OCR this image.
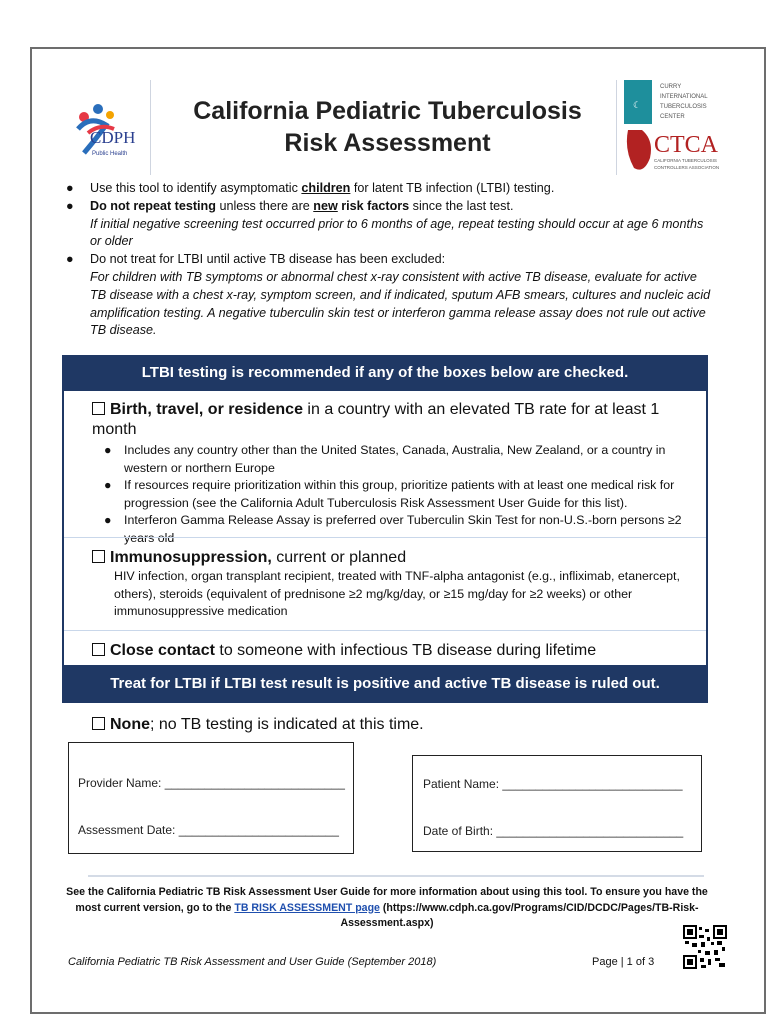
CDPH
Public Health
California Pediatric Tuberculosis
Risk Assessment
☾
CURRY
INTERNATIONAL
TUBERCULOSIS
CENTER
CTCA
CALIFORNIA TUBERCULOSIS
CONTROLLERS ASSOCIATION
● Use this tool to identify asymptomatic children for latent TB infection (LTBI) testing.
● Do not repeat testing unless there are new risk factors since the last test.
If initial negative screening test occurred prior to 6 months of age, repeat testing should occur at age 6 months or older
● Do not treat for LTBI until active TB disease has been excluded:
For children with TB symptoms or abnormal chest x-ray consistent with active TB disease, evaluate for active TB disease with a chest x-ray, symptom screen, and if indicated, sputum AFB smears, cultures and nucleic acid amplification testing. A negative tuberculin skin test or interferon gamma release assay does not rule out active TB disease.
LTBI testing is recommended if any of the boxes below are checked.
Birth, travel, or residence in a country with an elevated TB rate for at least 1 month
● Includes any country other than the United States, Canada, Australia, New Zealand, or a country in western or northern Europe
● If resources require prioritization within this group, prioritize patients with at least one medical risk for progression (see the California Adult Tuberculosis Risk Assessment User Guide for this list).
● Interferon Gamma Release Assay is preferred over Tuberculin Skin Test for non-U.S.-born persons ≥2 years old
Immunosuppression, current or planned
HIV infection, organ transplant recipient, treated with TNF-alpha antagonist (e.g., infliximab, etanercept, others), steroids (equivalent of prednisone ≥2 mg/kg/day, or ≥15 mg/day for ≥2 weeks) or other immunosuppressive medication
Close contact to someone with infectious TB disease during lifetime
Treat for LTBI if LTBI test result is positive and active TB disease is ruled out.
None; no TB testing is indicated at this time.
Provider Name: ___________________________
Assessment Date: ________________________
Patient Name: ___________________________
Date of Birth: ____________________________
See the California Pediatric TB Risk Assessment User Guide for more information about using this tool. To ensure you have the most current version, go to the TB RISK ASSESSMENT page (https://www.cdph.ca.gov/Programs/CID/DCDC/Pages/TB-Risk-Assessment.aspx)
California Pediatric TB Risk Assessment and User Guide (September 2018)	Page | 1 of 3
